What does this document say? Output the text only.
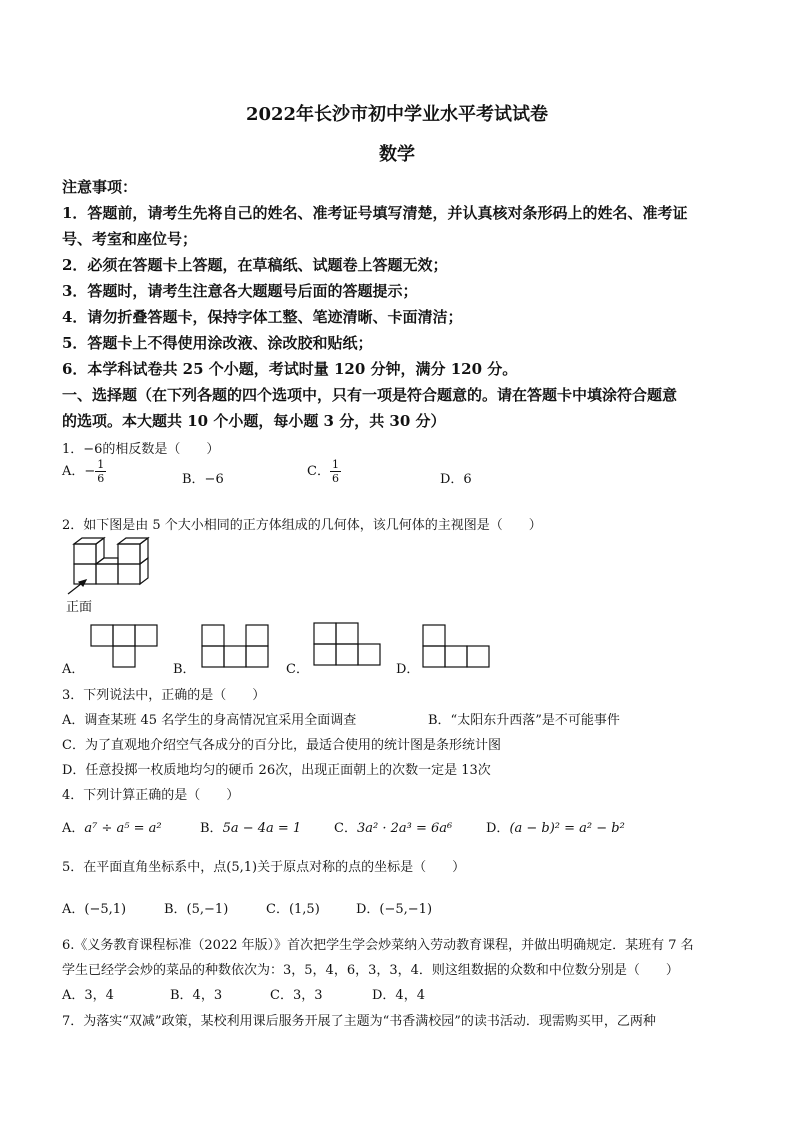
2022年长沙市初中学业水平考试试卷
数学
注意事项：
1．答题前，请考生先将自己的姓名、准考证号填写清楚，并认真核对条形码上的姓名、准考证
号、考室和座位号；
2．必须在答题卡上答题，在草稿纸、试题卷上答题无效；
3．答题时，请考生注意各大题题号后面的答题提示；
4．请勿折叠答题卡，保持字体工整、笔迹清晰、卡面清洁；
5．答题卡上不得使用涂改液、涂改胶和贴纸；
6．本学科试卷共 25 个小题，考试时量 120 分钟，满分 120 分。
一、选择题（在下列各题的四个选项中，只有一项是符合题意的。请在答题卡中填涂符合题意
的选项。本大题共 10 个小题，每小题 3 分，共 30 分）
1．−6的相反数是（　　）
A．− $\frac{1}{6}$	B．−6
C． $\frac{1}{6}$	D．6
2．如下图是由 5 个大小相同的正方体组成的几何体，该几何体的主视图是（　　）
正面
A．	B．	C．	D．
3．下列说法中，正确的是（　　）
A．调查某班 45 名学生的身高情况宜采用全面调查	B．“太阳东升西落”是不可能事件
C．为了直观地介绍空气各成分的百分比，最适合使用的统计图是条形统计图
D．任意投掷一枚质地均匀的硬币 26次，出现正面朝上的次数一定是 13次
4．下列计算正确的是（　　）
A．a⁷ ÷ a⁵ = a²	B．5a − 4a = 1	C．3a² · 2a³ = 6a⁶	D．(a − b)² = a² − b²
5．在平面直角坐标系中，点(5,1)关于原点对称的点的坐标是（　　）
A．(−5,1)	B．(5,−1)	C．(1,5)	D．(−5,−1)
6.《义务教育课程标准（2022 年版）》首次把学生学会炒菜纳入劳动教育课程，并做出明确规定．某班有 7 名
学生已经学会炒的菜品的种数依次为：3，5，4，6，3，3，4．则这组数据的众数和中位数分别是（　　）
A．3，4	B．4，3	C．3，3	D．4，4
7．为落实“双减”政策，某校利用课后服务开展了主题为“书香满校园”的读书活动．现需购买甲，乙两种
